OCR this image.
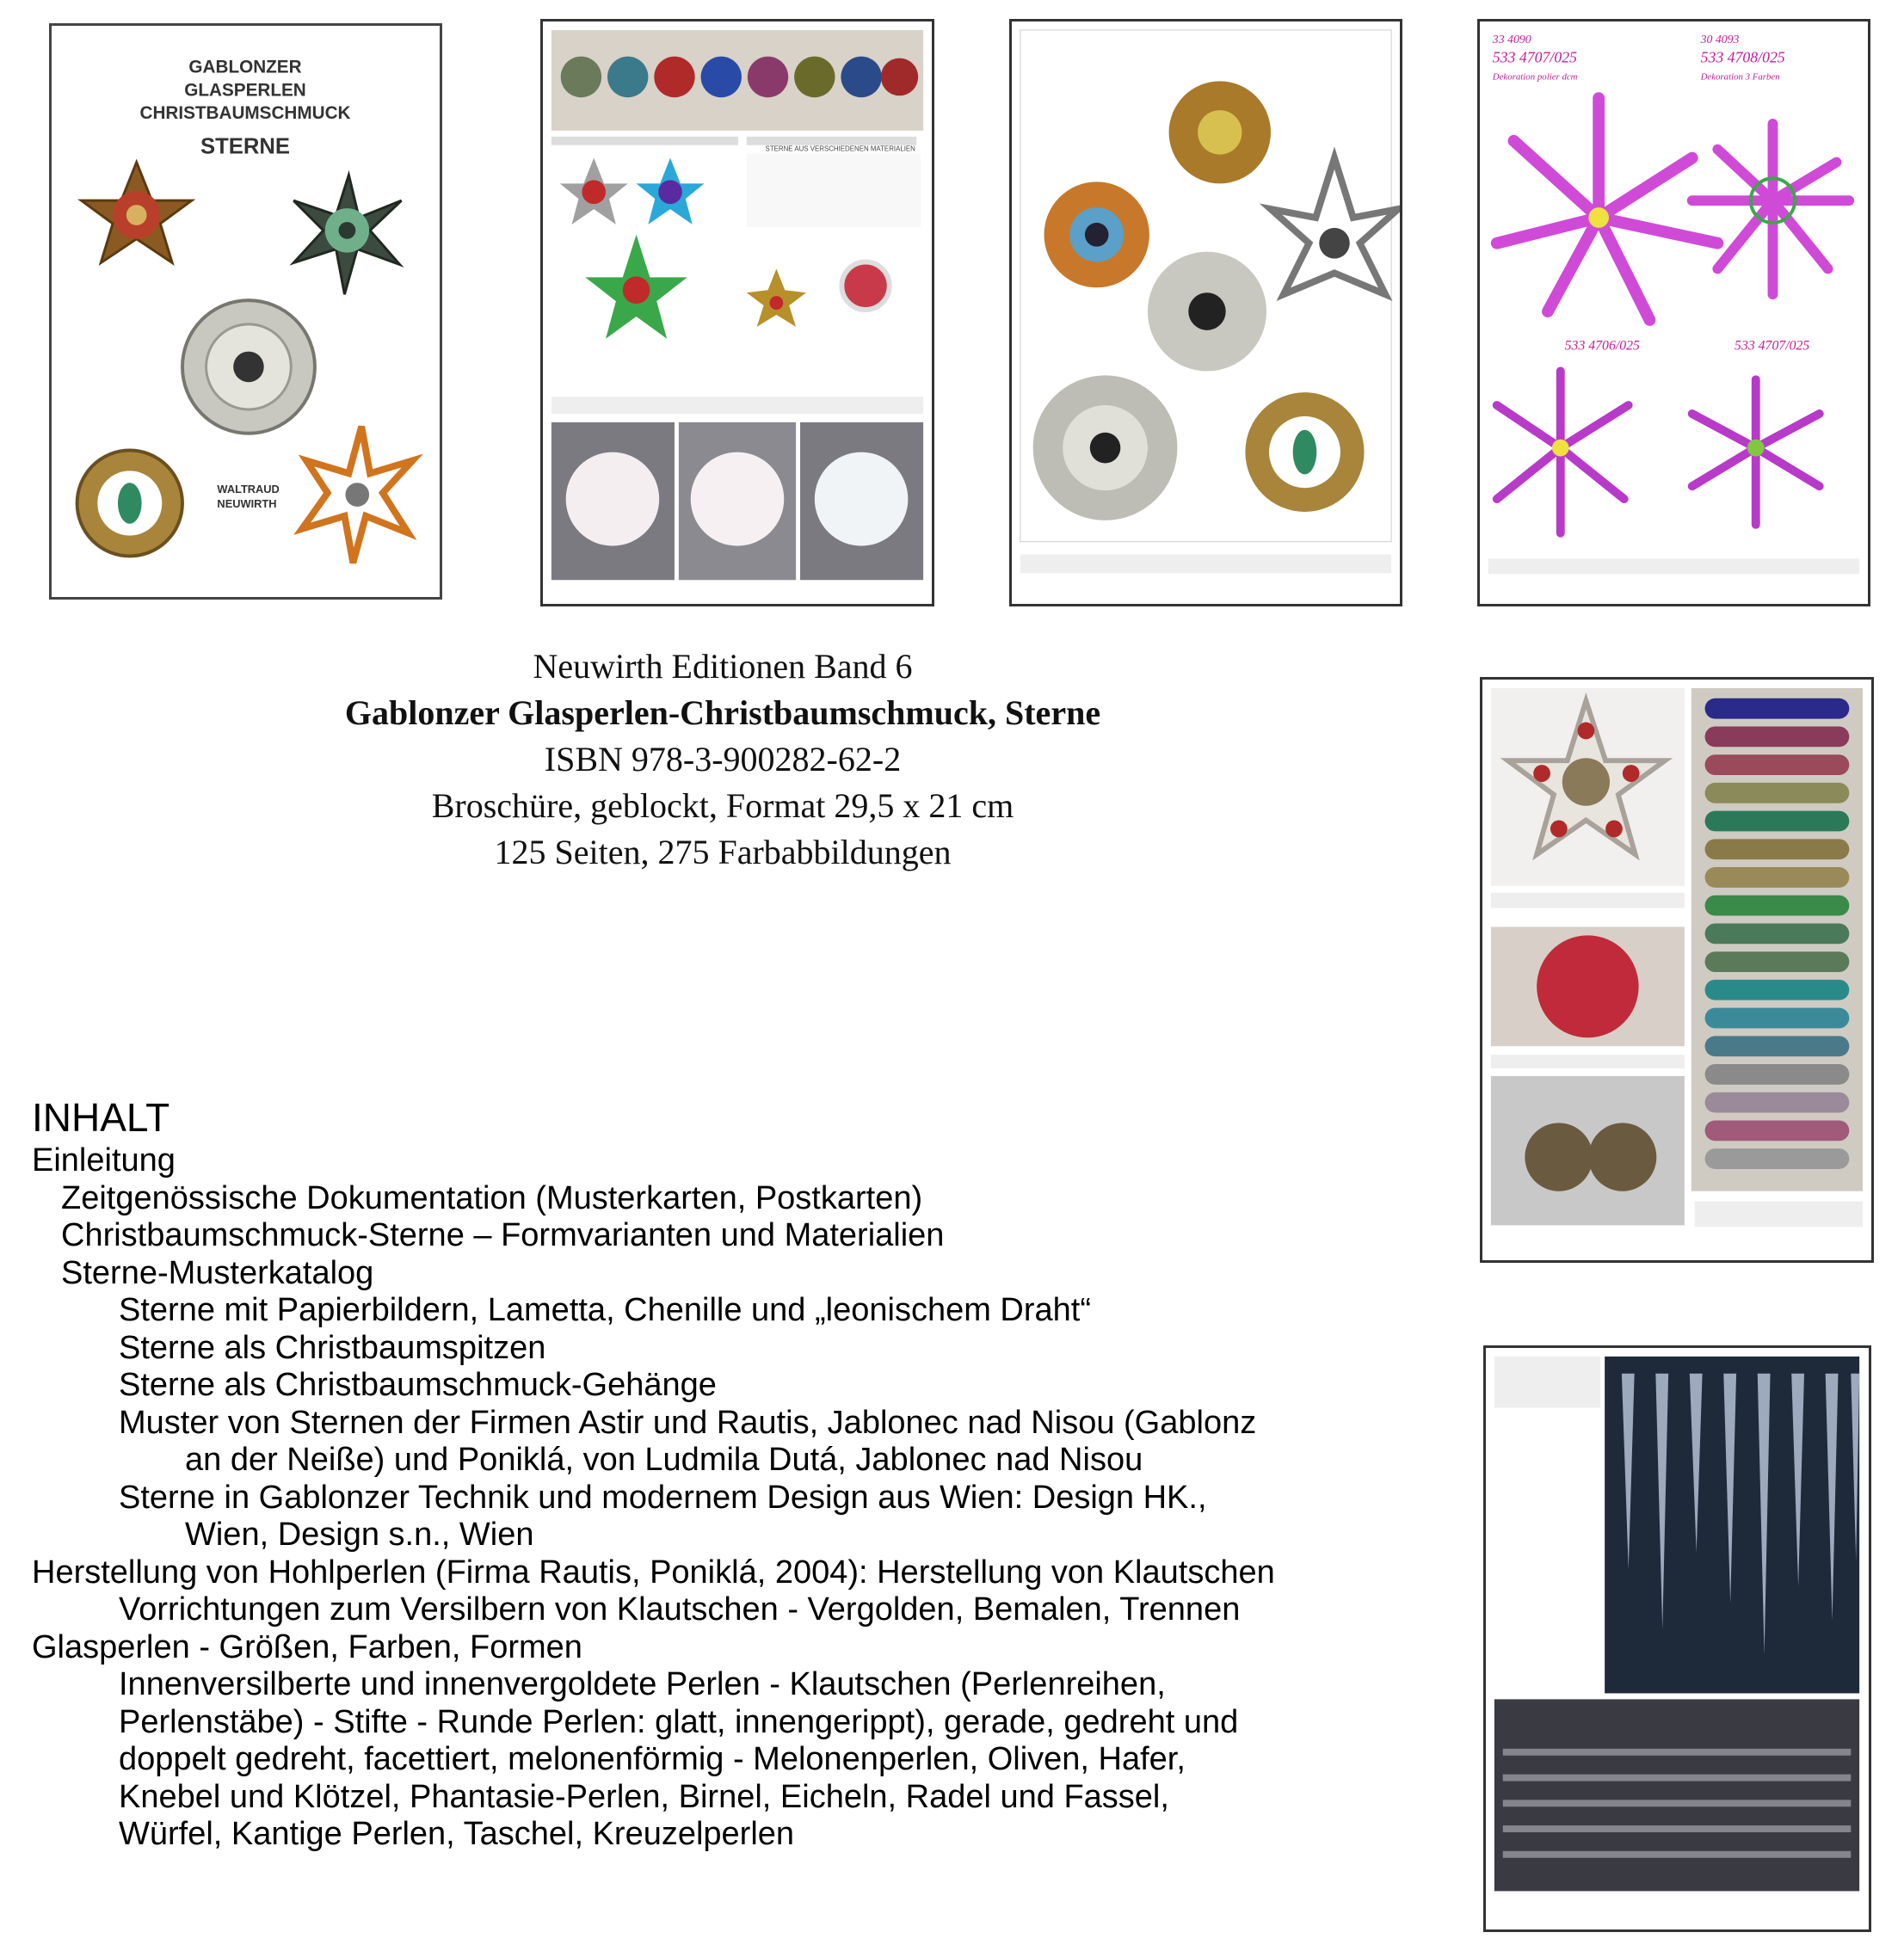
GABLONZER
GLASPERLEN
CHRISTBAUMSCHMUCK
STERNE
WALTRAUD
NEUWIRTH
STERNE AUS VERSCHIEDENEN MATERIALIEN
33 4090
533 4707/025
Dekoration polier dcm
30 4093
533 4708/025
Dekoration 3 Farben
533 4706/025	533 4707/025
Neuwirth Editionen Band 6
Gablonzer Glasperlen-Christbaumschmuck, Sterne
ISBN 978-3-900282-62-2
Broschüre, geblockt, Format 29,5 x 21 cm
125 Seiten, 275 Farbabbildungen
INHALT
Einleitung
Zeitgenössische Dokumentation (Musterkarten, Postkarten)
Christbaumschmuck-Sterne – Formvarianten und Materialien
Sterne-Musterkatalog
Sterne mit Papierbildern, Lametta, Chenille und „leonischem Draht“
Sterne als Christbaumspitzen
Sterne als Christbaumschmuck-Gehänge
Muster von Sternen der Firmen Astir und Rautis, Jablonec nad Nisou (Gablonz
an der Neiße) und Poniklá, von Ludmila Dutá, Jablonec nad Nisou
Sterne in Gablonzer Technik und modernem Design aus Wien: Design HK.,
Wien, Design s.n., Wien
Herstellung von Hohlperlen (Firma Rautis, Poniklá, 2004): Herstellung von Klautschen
Vorrichtungen zum Versilbern von Klautschen - Vergolden, Bemalen, Trennen
Glasperlen - Größen, Farben, Formen
Innenversilberte und innenvergoldete Perlen - Klautschen (Perlenreihen,
Perlenstäbe) - Stifte - Runde Perlen: glatt, innengerippt), gerade, gedreht und
doppelt gedreht, facettiert, melonenförmig - Melonenperlen, Oliven, Hafer,
Knebel und Klötzel, Phantasie-Perlen, Birnel, Eicheln, Radel und Fassel,
Würfel, Kantige Perlen, Taschel, Kreuzelperlen
